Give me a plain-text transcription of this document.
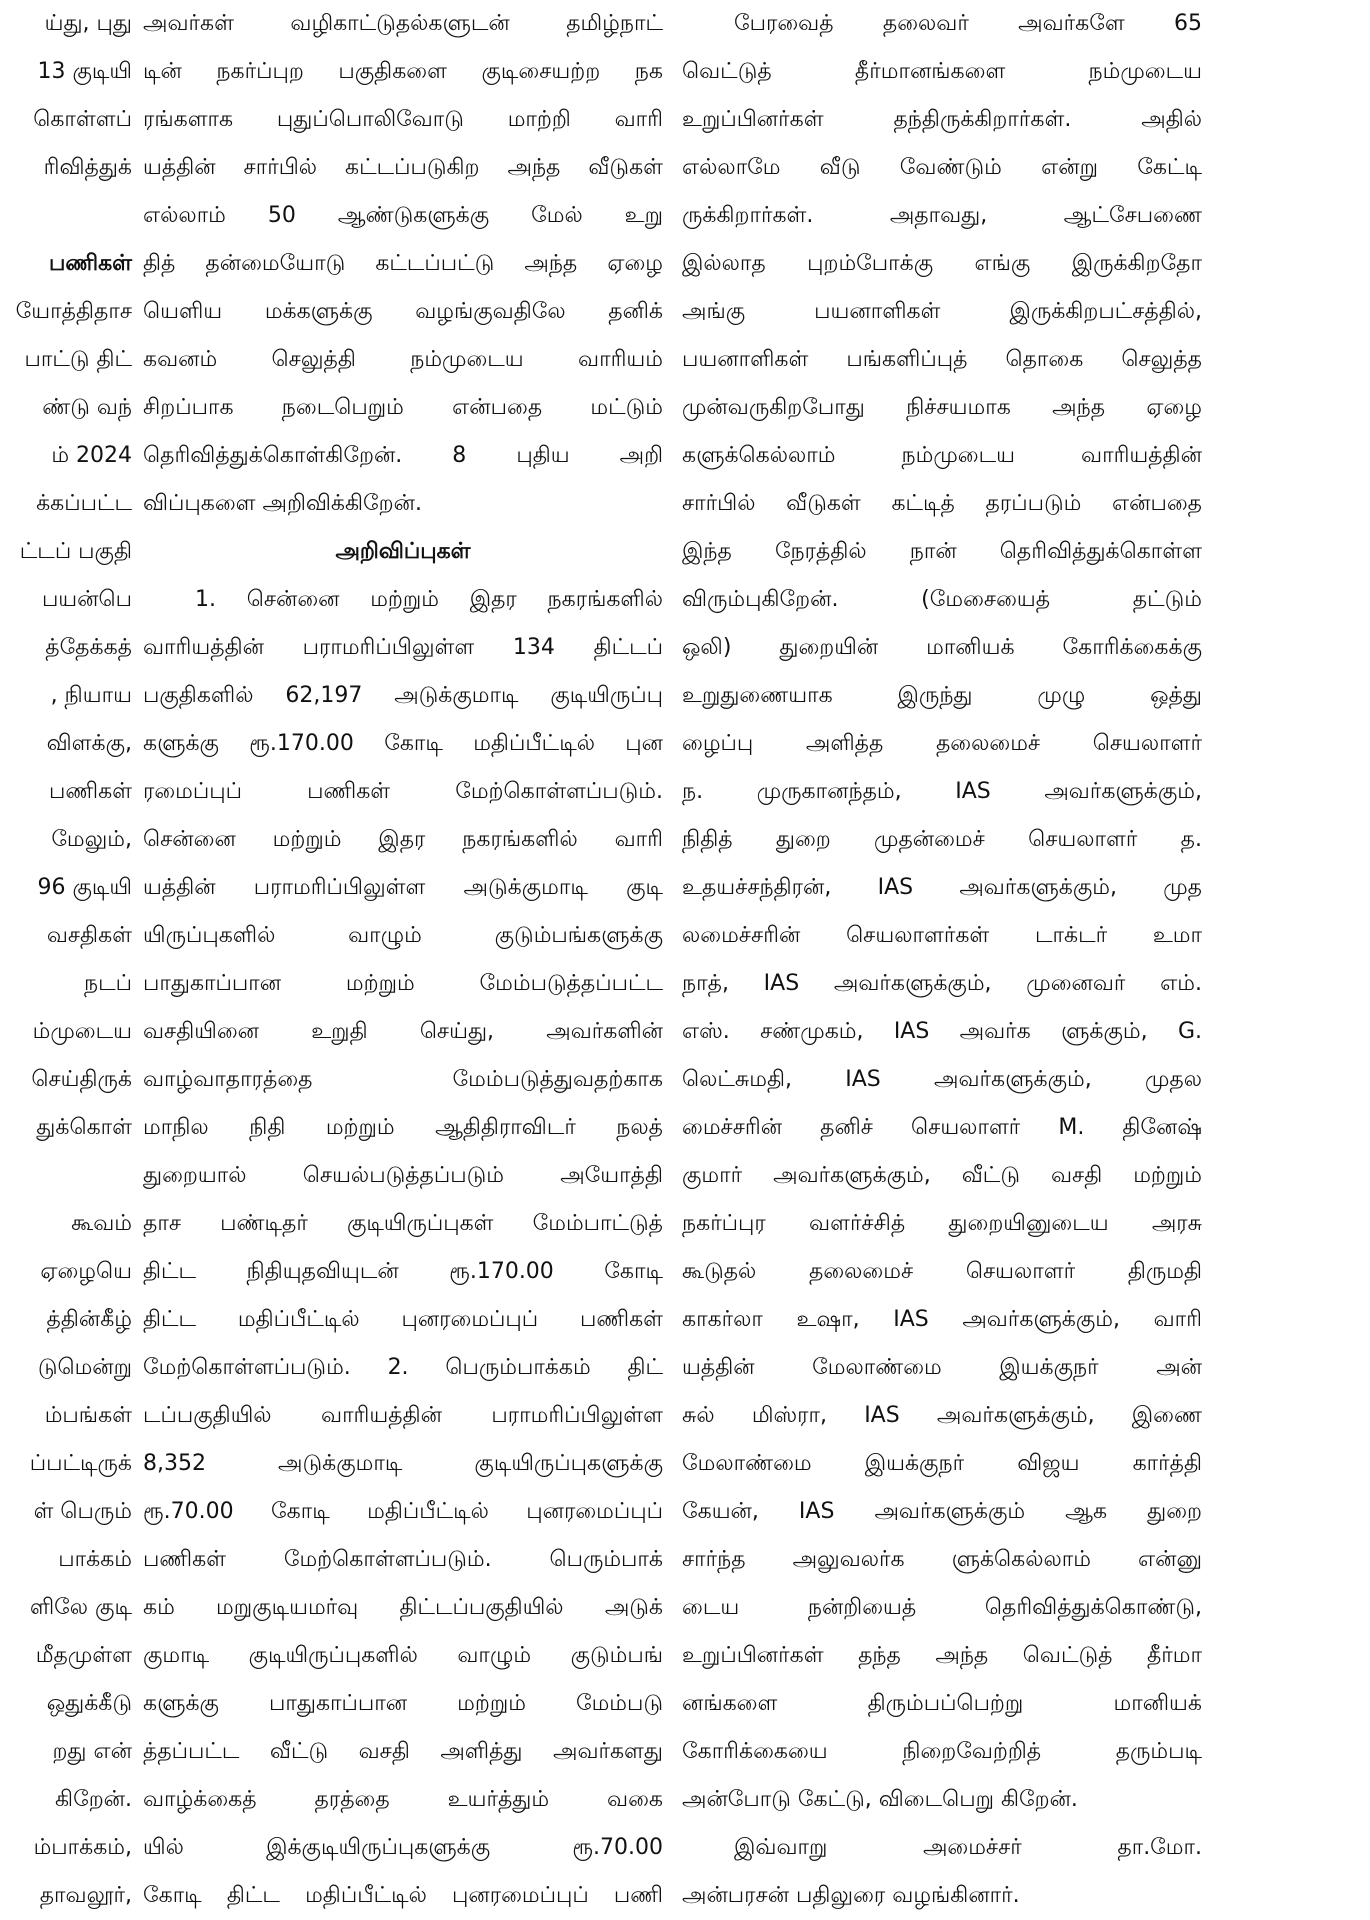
ய்து, புது
13 குடியி
கொள்ளப்
ரிவித்துக்
பணிகள்
யோத்திதாச
பாட்டு திட்
ண்டு வந்
ம் 2024
க்கப்பட்ட
ட்டப் பகுதி
பயன்பெ
த்தேக்கத்
, நியாய
விளக்கு,
பணிகள்
மேலும்,
96 குடியி
வசதிகள்
நடப்
ம்முடைய
செய்திருக்
துக்கொள்
கூவம்
ஏழையெ
த்தின்கீழ்
டுமென்று
ம்பங்கள்
ப்பட்டிருக்
ள் பெரும்
பாக்கம்
ளிலே குடி
மீதமுள்ள
ஒதுக்கீடு
றது என்
கிறேன்.
ம்பாக்கம்,
தாவலூர்,
அவர்கள் வழிகாட்டுதல்களுடன் தமிழ்நாட்
டின் நகர்ப்புற பகுதிகளை குடிசையற்ற நக
ரங்களாக புதுப்பொலிவோடு மாற்றி வாரி
யத்தின் சார்பில் கட்டப்படுகிற அந்த வீடுகள்
எல்லாம் 50 ஆண்டுகளுக்கு மேல் உறு
தித் தன்மையோடு கட்டப்பட்டு அந்த ஏழை
யெளிய மக்களுக்கு வழங்குவதிலே தனிக்
கவனம் செலுத்தி நம்முடைய வாரியம்
சிறப்பாக நடைபெறும் என்பதை மட்டும்
தெரிவித்துக்கொள்கிறேன். 8 புதிய அறி
விப்புகளை அறிவிக்கிறேன்.
அறிவிப்புகள்
1. சென்னை மற்றும் இதர நகரங்களில்
வாரியத்தின் பராமரிப்பிலுள்ள 134 திட்டப்
பகுதிகளில் 62,197 அடுக்குமாடி குடியிருப்பு
களுக்கு ரூ.170.00 கோடி மதிப்பீட்டில் புன
ரமைப்புப் பணிகள் மேற்கொள்ளப்படும்.
சென்னை மற்றும் இதர நகரங்களில் வாரி
யத்தின் பராமரிப்பிலுள்ள அடுக்குமாடி குடி
யிருப்புகளில் வாழும் குடும்பங்களுக்கு
பாதுகாப்பான மற்றும் மேம்படுத்தப்பட்ட
வசதியினை உறுதி செய்து, அவர்களின்
வாழ்வாதாரத்தை மேம்படுத்துவதற்காக
மாநில நிதி மற்றும் ஆதிதிராவிடர் நலத்
துறையால் செயல்படுத்தப்படும் அயோத்தி
தாச பண்டிதர் குடியிருப்புகள் மேம்பாட்டுத்
திட்ட நிதியுதவியுடன் ரூ.170.00 கோடி
திட்ட மதிப்பீட்டில் புனரமைப்புப் பணிகள்
மேற்கொள்ளப்படும். 2. பெரும்பாக்கம் திட்
டப்பகுதியில் வாரியத்தின் பராமரிப்பிலுள்ள
8,352 அடுக்குமாடி குடியிருப்புகளுக்கு
ரூ.70.00 கோடி மதிப்பீட்டில் புனரமைப்புப்
பணிகள் மேற்கொள்ளப்படும். பெரும்பாக்
கம் மறுகுடியமர்வு திட்டப்பகுதியில் அடுக்
குமாடி குடியிருப்புகளில் வாழும் குடும்பங்
களுக்கு பாதுகாப்பான மற்றும் மேம்படு
த்தப்பட்ட வீட்டு வசதி அளித்து அவர்களது
வாழ்க்கைத் தரத்தை உயர்த்தும் வகை
யில் இக்குடியிருப்புகளுக்கு ரூ.70.00
கோடி திட்ட மதிப்பீட்டில் புனரமைப்புப் பணி
பேரவைத் தலைவர் அவர்களே 65
வெட்டுத் தீர்மானங்களை நம்முடைய
உறுப்பினர்கள் தந்திருக்கிறார்கள். அதில்
எல்லாமே வீடு வேண்டும் என்று கேட்டி
ருக்கிறார்கள். அதாவது, ஆட்சேபணை
இல்லாத புறம்போக்கு எங்கு இருக்கிறதோ
அங்கு பயனாளிகள் இருக்கிறபட்சத்தில்,
பயனாளிகள் பங்களிப்புத் தொகை செலுத்த
முன்வருகிறபோது நிச்சயமாக அந்த ஏழை
களுக்கெல்லாம் நம்முடைய வாரியத்தின்
சார்பில் வீடுகள் கட்டித் தரப்படும் என்பதை
இந்த நேரத்தில் நான் தெரிவித்துக்கொள்ள
விரும்புகிறேன். (மேசையைத் தட்டும்
ஒலி) துறையின் மானியக் கோரிக்கைக்கு
உறுதுணையாக இருந்து முழு ஒத்து
ழைப்பு அளித்த தலைமைச் செயலாளர்
ந. முருகானந்தம், IAS அவர்களுக்கும்,
நிதித் துறை முதன்மைச் செயலாளர் த.
உதயச்சந்திரன், IAS அவர்களுக்கும், முத
லமைச்சரின் செயலாளர்கள் டாக்டர் உமா
நாத், IAS அவர்களுக்கும், முனைவர் எம்.
எஸ். சண்முகம், IAS அவர்க ளுக்கும், G.
லெட்சுமதி, IAS அவர்களுக்கும், முதல
மைச்சரின் தனிச் செயலாளர் M. தினேஷ்
குமார் அவர்களுக்கும், வீட்டு வசதி மற்றும்
நகர்ப்புர வளர்ச்சித் துறையினுடைய அரசு
கூடுதல் தலைமைச் செயலாளர் திருமதி
காகர்லா உஷா, IAS அவர்களுக்கும், வாரி
யத்தின் மேலாண்மை இயக்குநர் அன்
சுல் மிஸ்ரா, IAS அவர்களுக்கும், இணை
மேலாண்மை இயக்குநர் விஜய கார்த்தி
கேயன், IAS அவர்களுக்கும் ஆக துறை
சார்ந்த அலுவலர்க ளுக்கெல்லாம் என்னு
டைய நன்றியைத் தெரிவித்துக்கொண்டு,
உறுப்பினர்கள் தந்த அந்த வெட்டுத் தீர்மா
னங்களை திரும்பப்பெற்று மானியக்
கோரிக்கையை நிறைவேற்றித் தரும்படி
அன்போடு கேட்டு, விடைபெறு கிறேன்.
இவ்வாறு அமைச்சர் தா.மோ.
அன்பரசன் பதிலுரை வழங்கினார்.
